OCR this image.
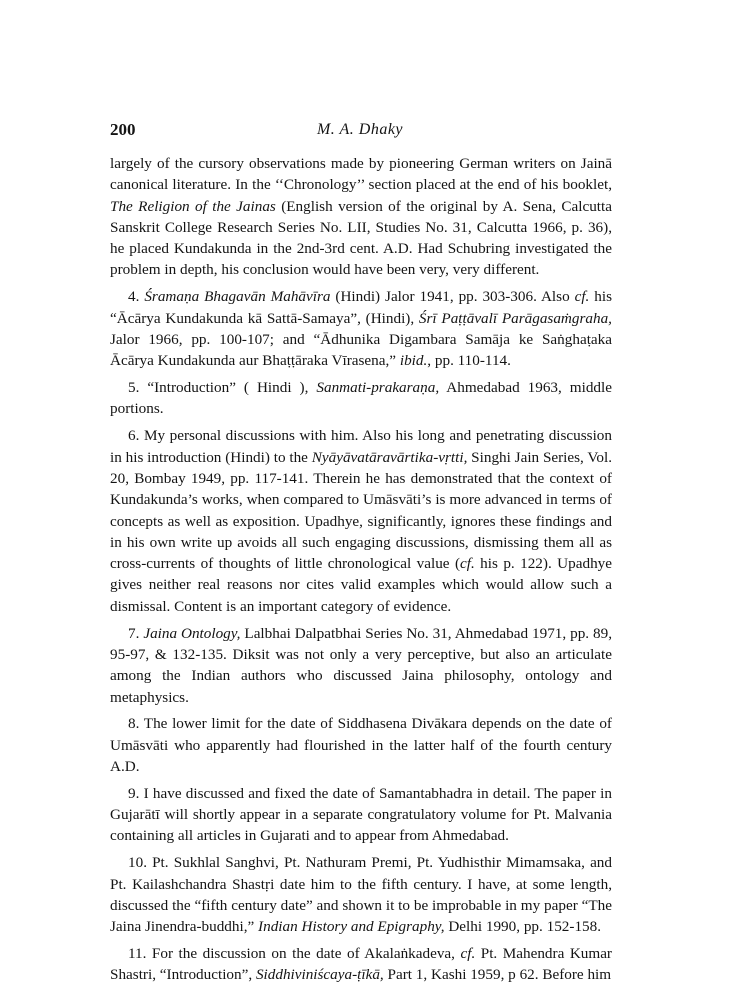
200	M. A. Dhaky

largely of the cursory observations made by pioneering German writers on Jainā canonical literature. In the ‘‘Chronology’’ section placed at the end of his booklet, The Religion of the Jainas (English version of the original by A. Sena, Calcutta Sanskrit College Research Series No. LII, Studies No. 31, Calcutta 1966, p. 36), he placed Kundakunda in the 2nd-3rd cent. A.D. Had Schubring investigated the problem in depth, his conclusion would have been very, very different.

4. Śramaṇa Bhagavān Mahāvīra (Hindi) Jalor 1941, pp. 303-306. Also cf. his “Ācārya Kundakunda kā Sattā-Samaya”, (Hindi), Śrī Paṭṭāvalī Parāgasaṁgraha, Jalor 1966, pp. 100-107; and “Ādhunika Digambara Samāja ke Saṅghaṭaka Ācārya Kundakunda aur Bhaṭṭāraka Vīrasena,” ibid., pp. 110-114.

5. “Introduction” ( Hindi ), Sanmati-prakaraṇa, Ahmedabad 1963, middle portions.

6. My personal discussions with him. Also his long and penetrating discussion in his introduction (Hindi) to the Nyāyāvatāravārtika-vṛtti, Singhi Jain Series, Vol. 20, Bombay 1949, pp. 117-141. Therein he has demonstrated that the context of Kundakunda’s works, when compared to Umāsvāti’s is more advanced in terms of concepts as well as exposition. Upadhye, significantly, ignores these findings and in his own write up avoids all such engaging discussions, dismissing them all as cross-currents of thoughts of little chronological value (cf. his p. 122). Upadhye gives neither real reasons nor cites valid examples which would allow such a dismissal. Content is an important category of evidence.

7. Jaina Ontology, Lalbhai Dalpatbhai Series No. 31, Ahmedabad 1971, pp. 89, 95-97, & 132-135. Diksit was not only a very perceptive, but also an articulate among the Indian authors who discussed Jaina philosophy, ontology and metaphysics.

8. The lower limit for the date of Siddhasena Divākara depends on the date of Umāsvāti who apparently had flourished in the latter half of the fourth century A.D.

9. I have discussed and fixed the date of Samantabhadra in detail. The paper in Gujarātī will shortly appear in a separate congratulatory volume for Pt. Malvania containing all articles in Gujarati and to appear from Ahmedabad.

10. Pt. Sukhlal Sanghvi, Pt. Nathuram Premi, Pt. Yudhisthir Mimamsaka, and Pt. Kailashchandra Shastṛi date him to the fifth century. I have, at some length, discussed the “fifth century date” and shown it to be improbable in my paper “The Jaina Jinendra-buddhi,” Indian History and Epigraphy, Delhi 1990, pp. 152-158.

11. For the discussion on the date of Akalaṅkadeva, cf. Pt. Mahendra Kumar Shastri, “Introduction”, Siddhiviniścaya-ṭīkā, Part 1, Kashi 1959, p 62. Before him
